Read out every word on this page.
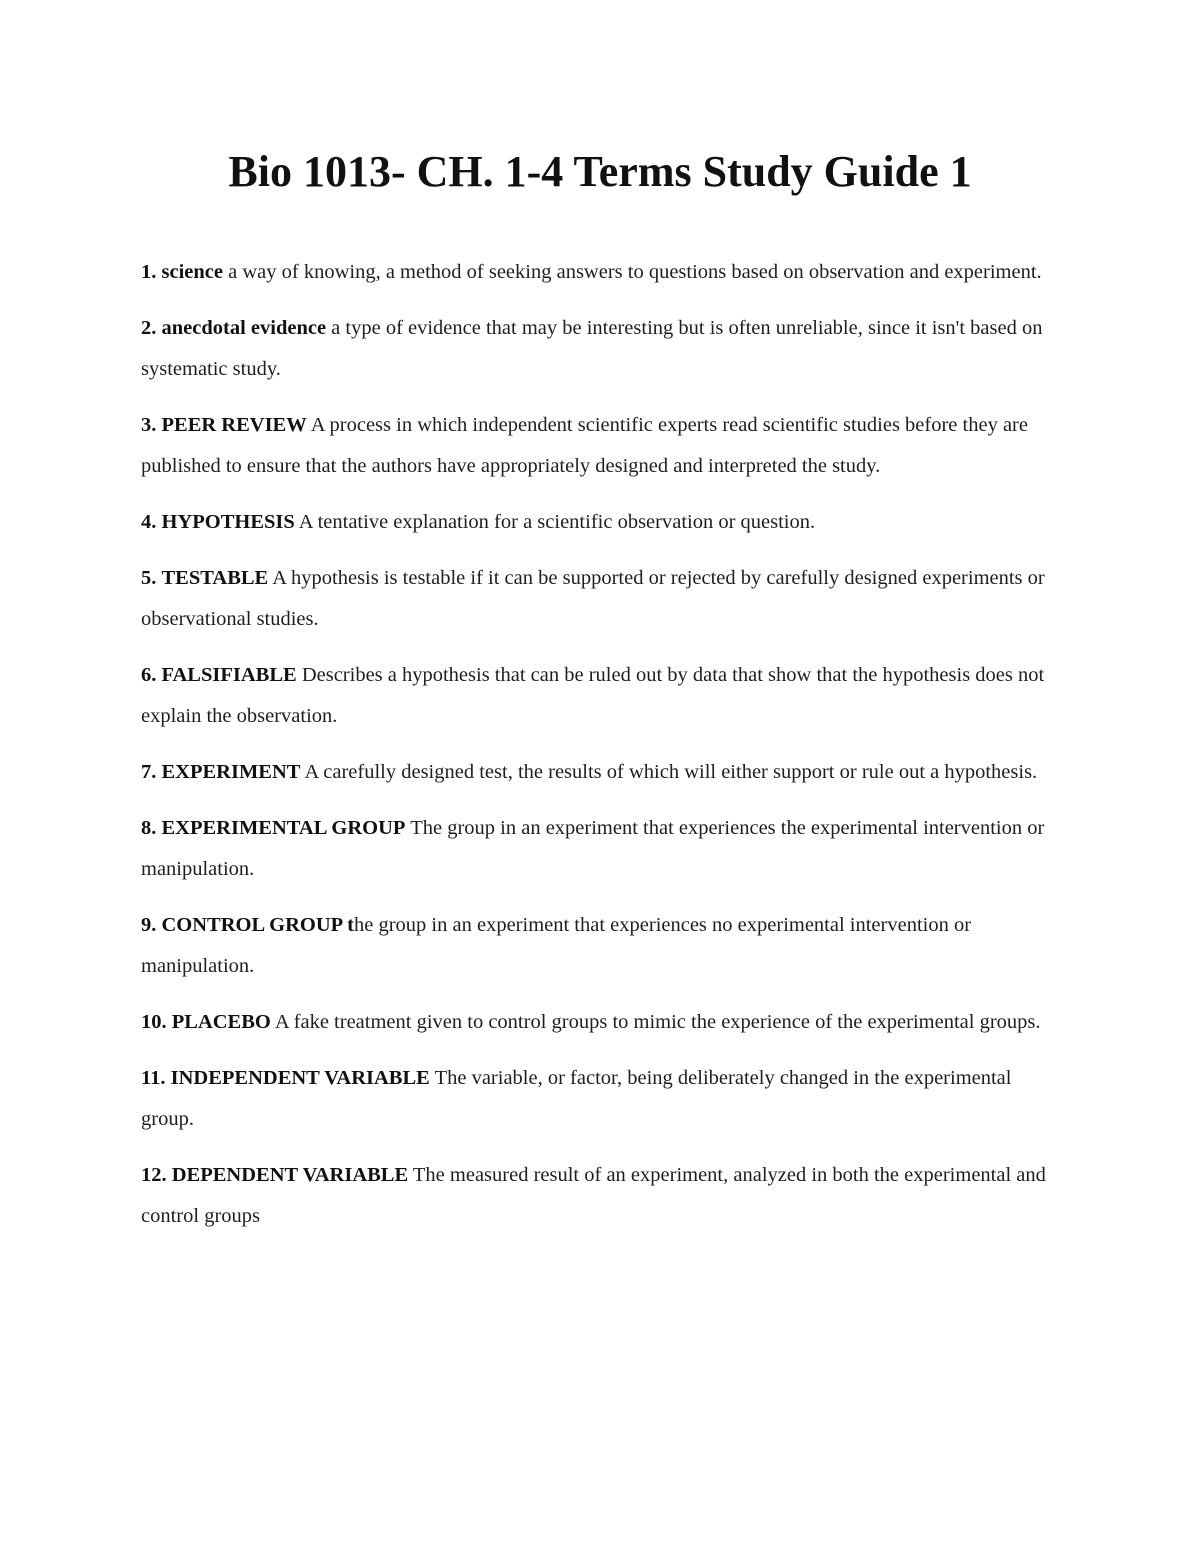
Bio 1013- CH. 1-4 Terms Study Guide 1
1. science a way of knowing, a method of seeking answers to questions based on observation and experiment.
2. anecdotal evidence a type of evidence that may be interesting but is often unreliable, since it isn't based on systematic study.
3. PEER REVIEW A process in which independent scientific experts read scientific studies before they are published to ensure that the authors have appropriately designed and interpreted the study.
4. HYPOTHESIS A tentative explanation for a scientific observation or question.
5. TESTABLE A hypothesis is testable if it can be supported or rejected by carefully designed experiments or observational studies.
6. FALSIFIABLE Describes a hypothesis that can be ruled out by data that show that the hypothesis does not explain the observation.
7. EXPERIMENT A carefully designed test, the results of which will either support or rule out a hypothesis.
8. EXPERIMENTAL GROUP The group in an experiment that experiences the experimental intervention or manipulation.
9. CONTROL GROUP the group in an experiment that experiences no experimental intervention or manipulation.
10. PLACEBO A fake treatment given to control groups to mimic the experience of the experimental groups.
11. INDEPENDENT VARIABLE The variable, or factor, being deliberately changed in the experimental group.
12. DEPENDENT VARIABLE The measured result of an experiment, analyzed in both the experimental and control groups
